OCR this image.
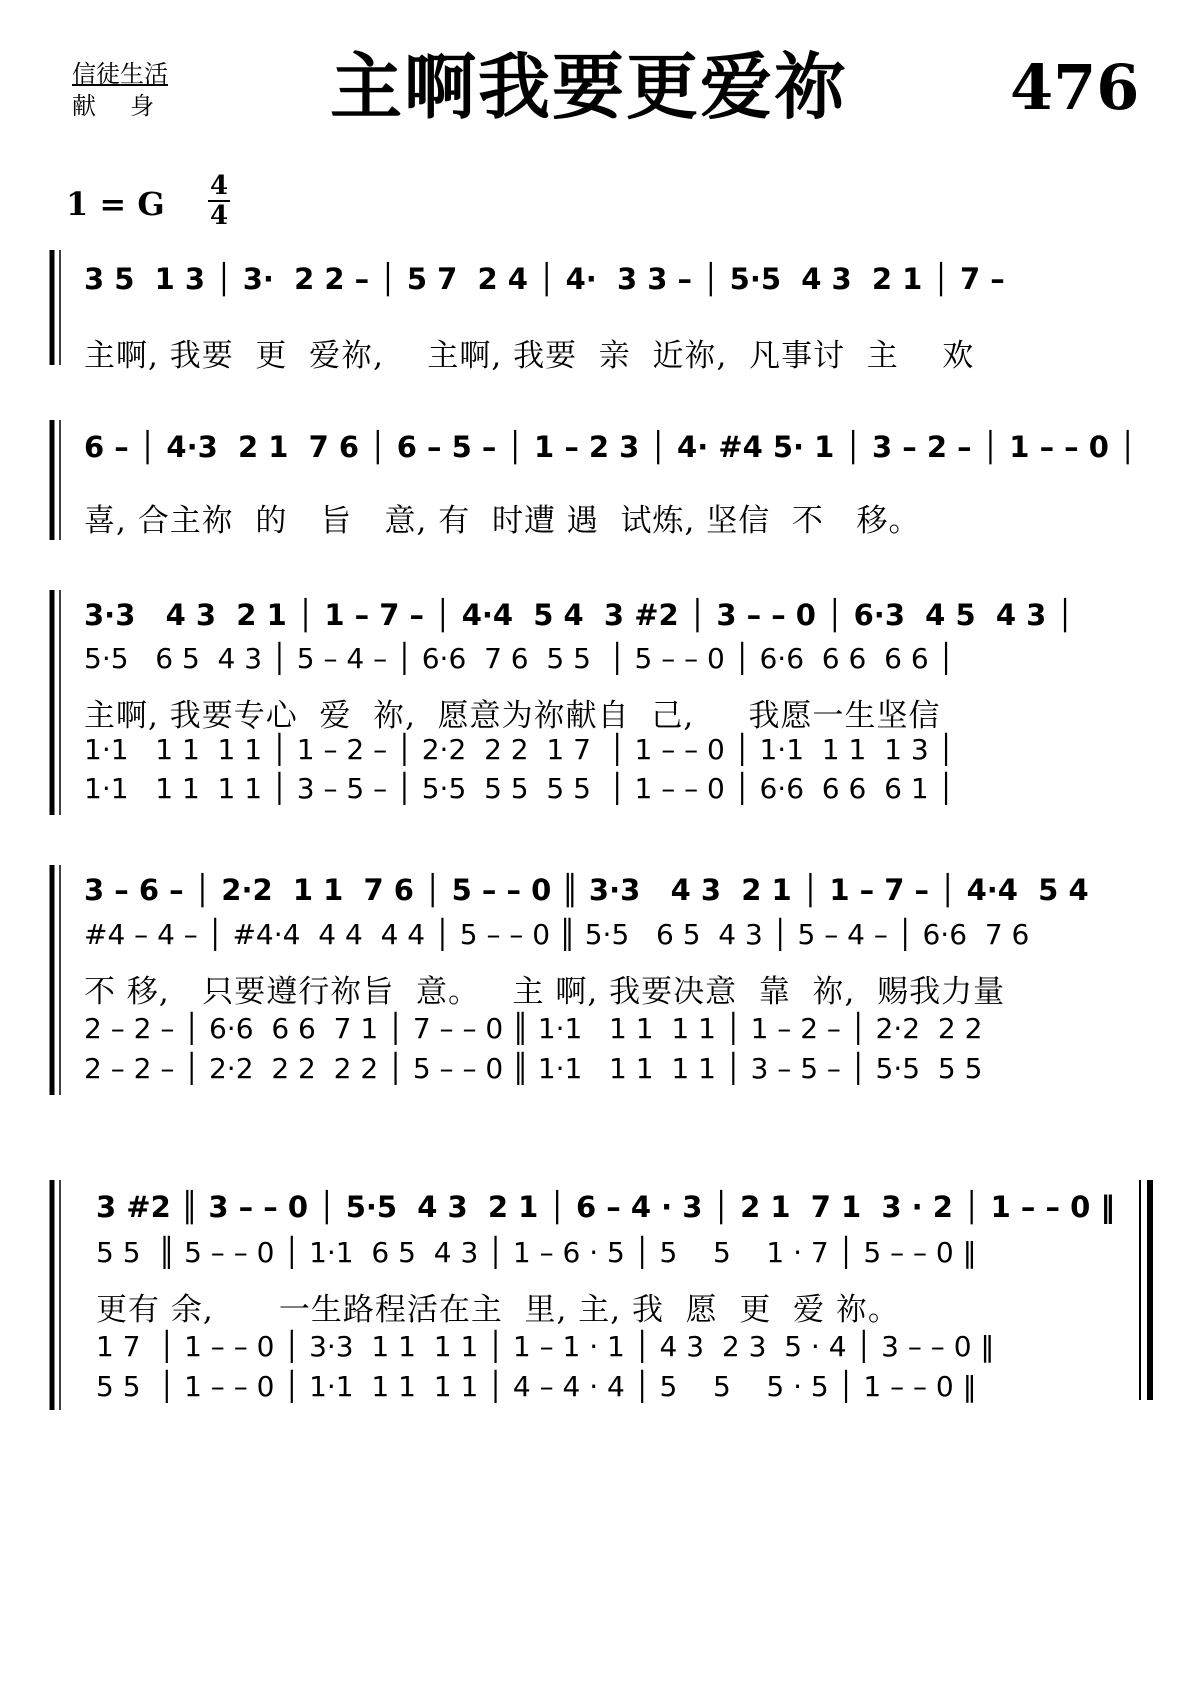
信徒生活
献身 主啊我要更爱祢	476
1 = G 4
4
3 5  1 3 │ 3·  2 2 – │ 5 7  2 4 │ 4·  3 3 – │ 5·5  4 3  2 1 │ 7 –
主啊, 我要  更  爱祢,    主啊, 我要  亲  近祢,  凡事讨  主    欢
6 – │ 4·3  2 1  7 6 │ 6 – 5 – │ 1 – 2 3 │ 4· #4 5· 1 │ 3 – 2 – │ 1 – – 0 │
喜, 合主祢  的   旨   意, 有  时遭 遇  试炼, 坚信  不   移。
3·3   4 3  2 1 │ 1 – 7 – │ 4·4  5 4  3 #2 │ 3 – – 0 │ 6·3  4 5  4 3 │
5·5   6 5  4 3 │ 5 – 4 – │ 6·6  7 6  5 5  │ 5 – – 0 │ 6·6  6 6  6 6 │
主啊, 我要专心  爱  祢,  愿意为祢献自  己,     我愿一生坚信
1·1   1 1  1 1 │ 1 – 2 – │ 2·2  2 2  1 7  │ 1 – – 0 │ 1·1  1 1  1 3 │
1·1   1 1  1 1 │ 3 – 5 – │ 5·5  5 5  5 5  │ 1 – – 0 │ 6·6  6 6  6 1 │
3 – 6 – │ 2·2  1 1  7 6 │ 5 – – 0 ║ 3·3   4 3  2 1 │ 1 – 7 – │ 4·4  5 4
#4 – 4 – │ #4·4  4 4  4 4 │ 5 – – 0 ║ 5·5   6 5  4 3 │ 5 – 4 – │ 6·6  7 6
不 移,   只要遵行祢旨  意。   主 啊, 我要决意  靠  祢,  赐我力量
2 – 2 – │ 6·6  6 6  7 1 │ 7 – – 0 ║ 1·1   1 1  1 1 │ 1 – 2 – │ 2·2  2 2
2 – 2 – │ 2·2  2 2  2 2 │ 5 – – 0 ║ 1·1   1 1  1 1 │ 3 – 5 – │ 5·5  5 5
3 #2 ║ 3 – – 0 │ 5·5  4 3  2 1 │ 6 – 4 · 3 │ 2 1  7 1  3 · 2 │ 1 – – 0 ‖
5 5  ║ 5 – – 0 │ 1·1  6 5  4 3 │ 1 – 6 · 5 │ 5    5    1 · 7 │ 5 – – 0 ‖
更有 余,      一生路程活在主  里, 主, 我  愿  更  爱 祢。
1 7  │ 1 – – 0 │ 3·3  1 1  1 1 │ 1 – 1 · 1 │ 4 3  2 3  5 · 4 │ 3 – – 0 ‖
5 5  │ 1 – – 0 │ 1·1  1 1  1 1 │ 4 – 4 · 4 │ 5    5    5 · 5 │ 1 – – 0 ‖
